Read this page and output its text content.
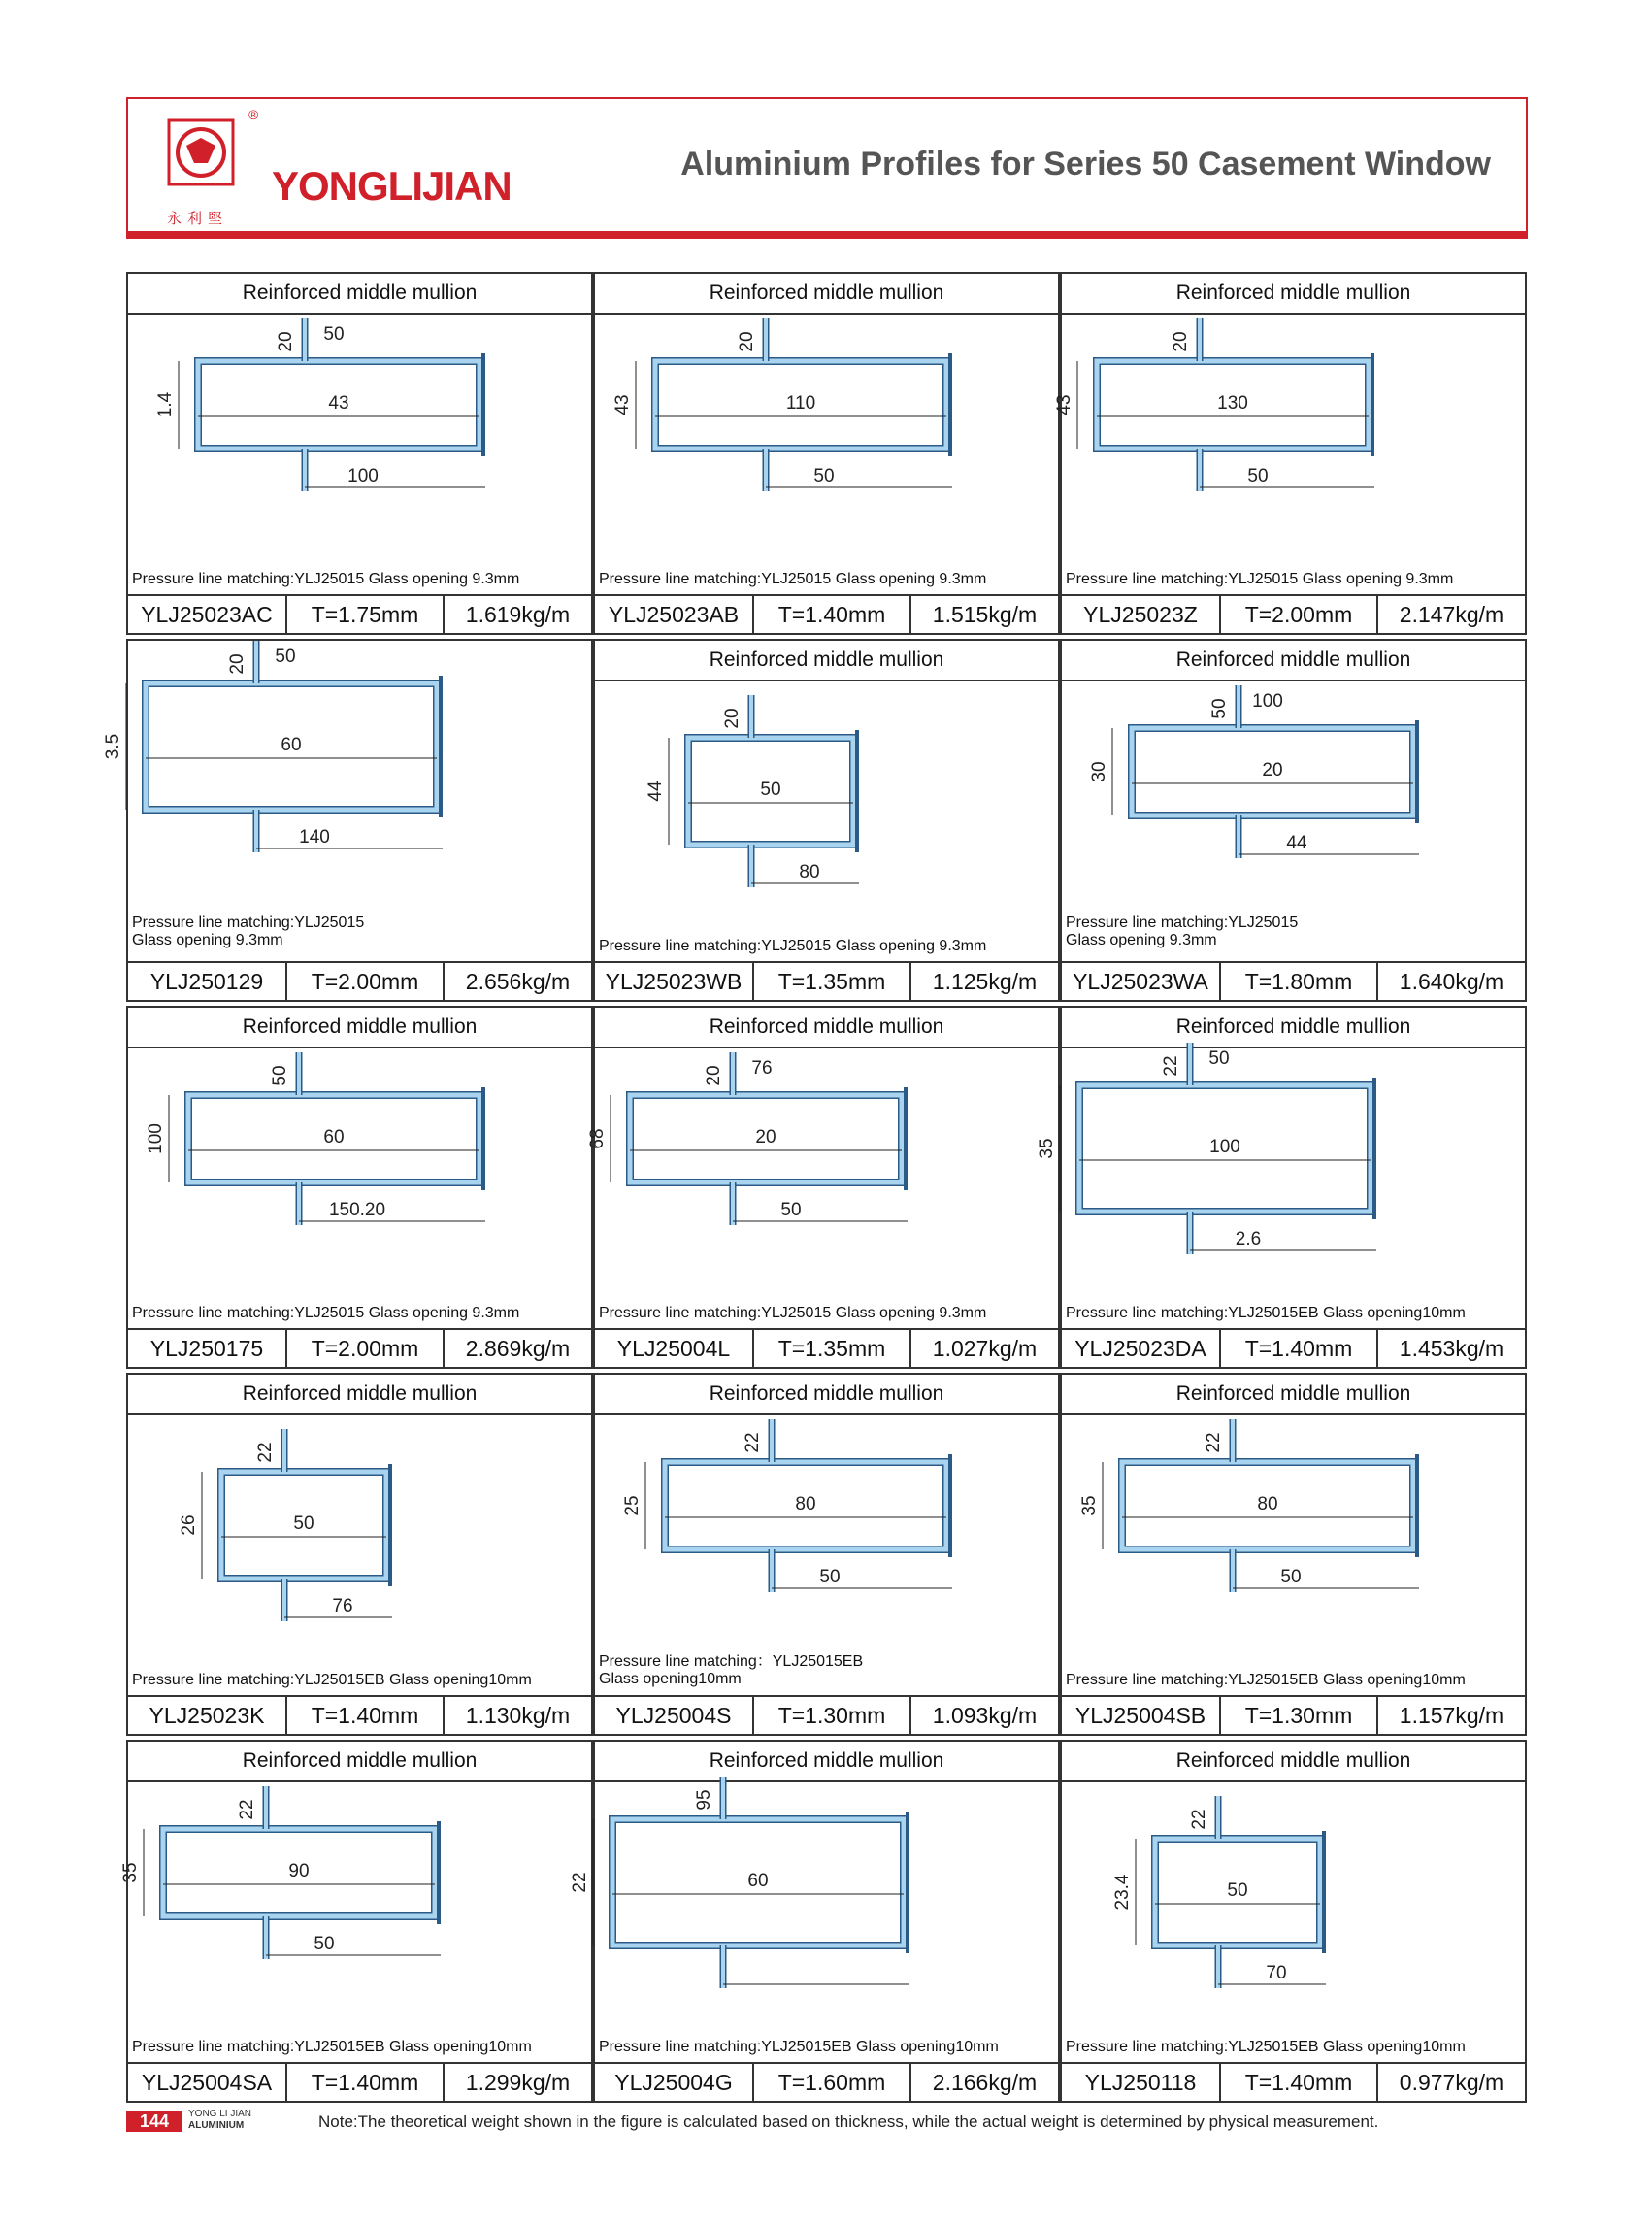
®
YONGLIJIAN
永利堅
Aluminium Profiles for Series 50 Casement Window
Reinforced middle mullion
20
1.4	43
100
50
Pressure line matching:YLJ25015 Glass opening 9.3mm
YLJ25023AC	T=1.75mm	1.619kg/m
Reinforced middle mullion
20
43	110
50
Pressure line matching:YLJ25015 Glass opening 9.3mm
YLJ25023AB	T=1.40mm	1.515kg/m
Reinforced middle mullion
20
43	130
50
Pressure line matching:YLJ25015 Glass opening 9.3mm
YLJ25023Z	T=2.00mm	2.147kg/m
20
3.5	60
140
50
Pressure line matching:YLJ25015
Glass opening 9.3mm
YLJ250129	T=2.00mm	2.656kg/m
Reinforced middle mullion
20
44	50
80
Pressure line matching:YLJ25015 Glass opening 9.3mm
YLJ25023WB	T=1.35mm	1.125kg/m
Reinforced middle mullion
50
30	20
44
100
Pressure line matching:YLJ25015
Glass opening 9.3mm
YLJ25023WA	T=1.80mm	1.640kg/m
Reinforced middle mullion
50
100	60
150.20
Pressure line matching:YLJ25015 Glass opening 9.3mm
YLJ250175	T=2.00mm	2.869kg/m
Reinforced middle mullion
20
68	20
50
76
Pressure line matching:YLJ25015 Glass opening 9.3mm
YLJ25004L	T=1.35mm	1.027kg/m
Reinforced middle mullion
22
35	100
2.6
50
Pressure line matching:YLJ25015EB Glass opening10mm
YLJ25023DA	T=1.40mm	1.453kg/m
Reinforced middle mullion
22
26	50
76
Pressure line matching:YLJ25015EB Glass opening10mm
YLJ25023K	T=1.40mm	1.130kg/m
Reinforced middle mullion
22
25	80
50
Pressure line matching：YLJ25015EB
Glass opening10mm
YLJ25004S	T=1.30mm	1.093kg/m
Reinforced middle mullion
22
35	80
50
Pressure line matching:YLJ25015EB Glass opening10mm
YLJ25004SB	T=1.30mm	1.157kg/m
Reinforced middle mullion
22
35	90
50
Pressure line matching:YLJ25015EB Glass opening10mm
YLJ25004SA	T=1.40mm	1.299kg/m
Reinforced middle mullion
95
22	60
Pressure line matching:YLJ25015EB Glass opening10mm
YLJ25004G	T=1.60mm	2.166kg/m
Reinforced middle mullion
22
23.4	50
70
Pressure line matching:YLJ25015EB Glass opening10mm
YLJ250118	T=1.40mm	0.977kg/m
144	YONG LI JIAN
ALUMINIUM	Note:The theoretical weight shown in the figure is calculated based on thickness, while the actual weight is determined by physical measurement.
